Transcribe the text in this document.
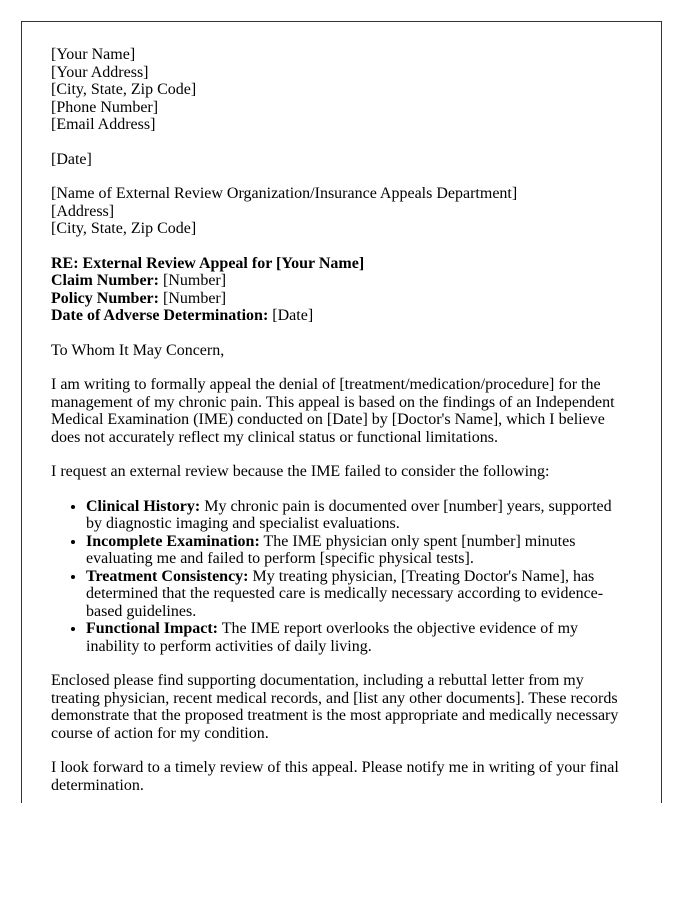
[Your Name]
[Your Address]
[City, State, Zip Code]
[Phone Number]
[Email Address]

[Date]

[Name of External Review Organization/Insurance Appeals Department]
[Address]
[City, State, Zip Code]
RE: External Review Appeal for [Your Name]
Claim Number: [Number]
Policy Number: [Number]
Date of Adverse Determination: [Date]

To Whom It May Concern,

I am writing to formally appeal the denial of [treatment/medication/procedure] for the management of my chronic pain. This appeal is based on the findings of an Independent Medical Examination (IME) conducted on [Date] by [Doctor's Name], which I believe does not accurately reflect my clinical status or functional limitations.

I request an external review because the IME failed to consider the following:

• Clinical History: My chronic pain is documented over [number] years, supported by diagnostic imaging and specialist evaluations.
• Incomplete Examination: The IME physician only spent [number] minutes evaluating me and failed to perform [specific physical tests].
• Treatment Consistency: My treating physician, [Treating Doctor's Name], has determined that the requested care is medically necessary according to evidence-based guidelines.
• Functional Impact: The IME report overlooks the objective evidence of my inability to perform activities of daily living.

Enclosed please find supporting documentation, including a rebuttal letter from my treating physician, recent medical records, and [list any other documents]. These records demonstrate that the proposed treatment is the most appropriate and medically necessary course of action for my condition.

I look forward to a timely review of this appeal. Please notify me in writing of your final determination.
